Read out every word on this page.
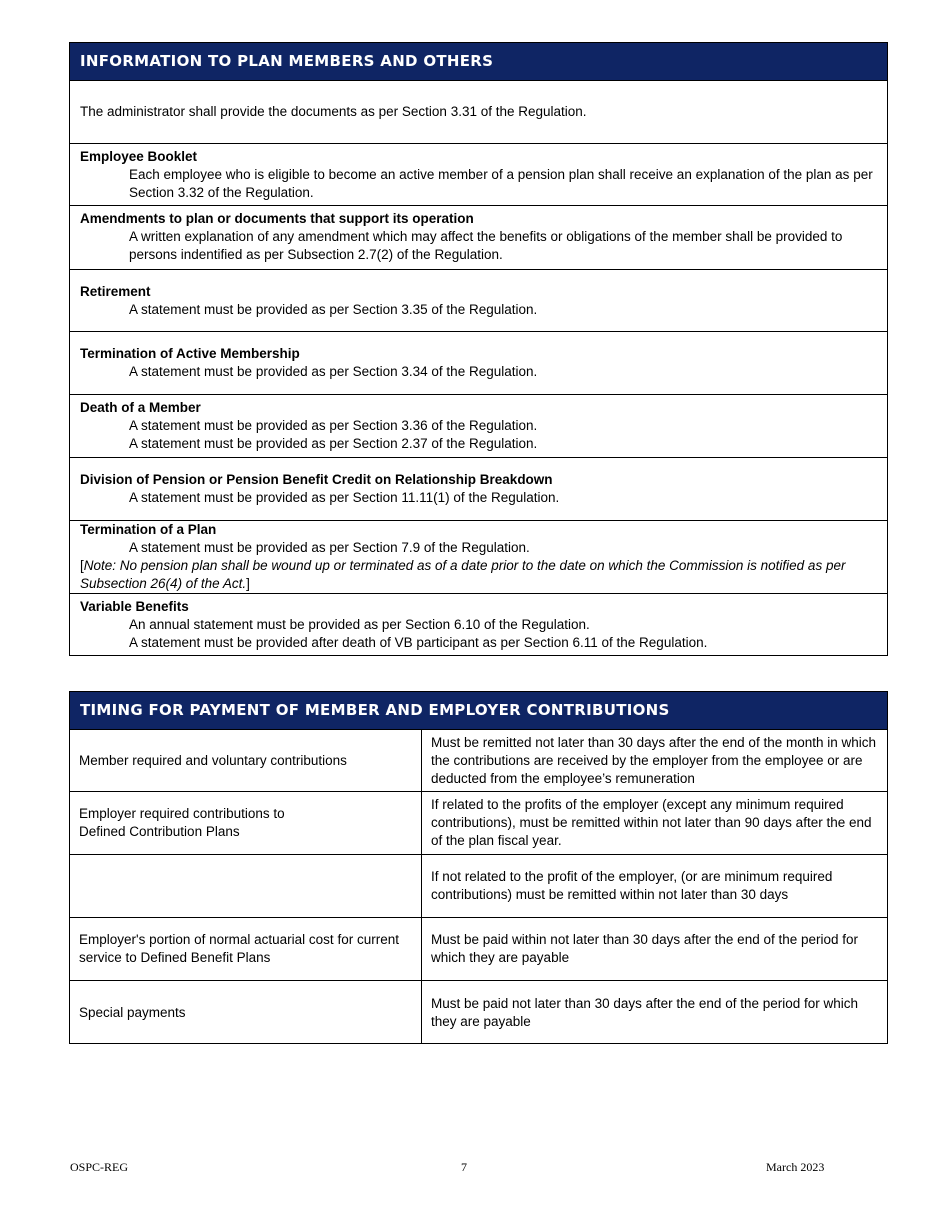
INFORMATION TO PLAN MEMBERS AND OTHERS
The administrator shall provide the documents as per Section 3.31 of the Regulation.
Employee Booklet
Each employee who is eligible to become an active member of a pension plan shall receive an explanation of the plan as per Section 3.32 of the Regulation.
Amendments to plan or documents that support its operation
A written explanation of any amendment which may affect the benefits or obligations of the member shall be provided to persons indentified as per Subsection 2.7(2) of the Regulation.
Retirement
A statement must be provided as per Section 3.35 of the Regulation.
Termination of Active Membership
A statement must be provided as per Section 3.34 of the Regulation.
Death of a Member
A statement must be provided as per Section 3.36 of the Regulation.
A statement must be provided as per Section 2.37 of the Regulation.
Division of Pension or Pension Benefit Credit on Relationship Breakdown
A statement must be provided as per Section 11.11(1) of the Regulation.
Termination of a Plan
A statement must be provided as per Section 7.9 of the Regulation.
[Note: No pension plan shall be wound up or terminated as of a date prior to the date on which the Commission is notified as per Subsection 26(4) of the Act.]
Variable Benefits
An annual statement must be provided as per Section 6.10 of the Regulation.
A statement must be provided after death of VB participant as per Section 6.11 of the Regulation.
TIMING FOR PAYMENT OF MEMBER AND EMPLOYER CONTRIBUTIONS
Member required and voluntary contributions
Must be remitted not later than 30 days after the end of the month in which the contributions are received by the employer from the employee or are deducted from the employee’s remuneration
Employer required contributions to
Defined Contribution Plans
If related to the profits of the employer (except any minimum required contributions), must be remitted within not later than 90 days after the end of the plan fiscal year.
If not related to the profit of the employer, (or are minimum required contributions) must be remitted within not later than 30 days
Employer's portion of normal actuarial cost for current service to Defined Benefit Plans
Must be paid within not later than 30 days after the end of the period for which they are payable
Special payments
Must be paid not later than 30 days after the end of the period for which they are payable
OSPC-REG	7	March 2023
